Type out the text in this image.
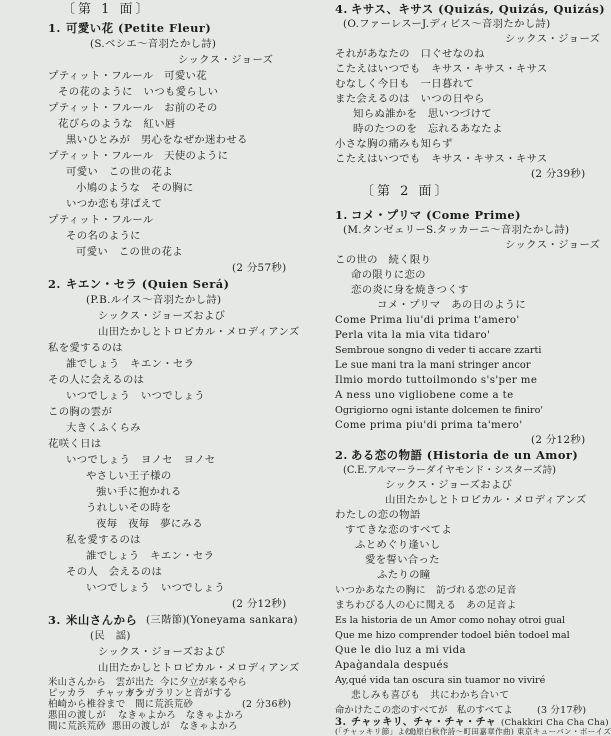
〔第 1 面〕
1. 可愛い花 (Petite Fleur)
(S.ベシエ〜音羽たかし詩)
シックス・ジョーズ
プティット・フルール　可愛い花
その花のように　いつも愛らしい
プティット・フルール　お前のその
花びらのような　紅い唇
黒いひとみが　男心をなぜか迷わせる
プティット・フルール　天使のように
可愛い　この世の花よ
小鳩のような　その胸に
いつか恋も芽ばえて
プティット・フルール
その名のように
可愛い　この世の花よ
(2 分57秒)
2. キエン・セラ (Quien Será)
(P.B.ルイス〜音羽たかし詩)
シックス・ジョーズおよび
山田たかしとトロピカル・メロディアンズ
私を愛するのは
誰でしょう　キエン・セラ
その人に会えるのは
いつでしょう　いつでしょう
この胸の雲が
大きくふくらみ
花咲く日は
いつでしょう　ヨノセ　ヨノセ
やさしい王子様の
強い手に抱かれる
うれしいその時を
夜毎　夜毎　夢にみる
私を愛するのは
誰でしょう　キエン・セラ
その人　会えるのは
いつでしょう　いつでしょう
(2 分12秒)
3. 米山さんから (三階節) (Yoneyama sankara)
(民　謡)
シックス・ジョーズおよび
山田たかしとトロピカル・メロディアンズ
米山さんから　雲が出た 今に夕立が来るやら
ピッカラ　チャッカラ
ドンガラリンと音がする
柏崎から椎谷まで　間に荒浜荒砂
悪田の渡しが なきゃよかろ　なきゃよかろ
間に荒浜荒砂 悪田の渡しが　なきゃよかろ
(2 分36秒)
4. キサス、キサス (Quizás, Quizás, Quizás)
(O.ファーレスーJ.ディビス〜音羽たかし詩)
シックス・ジョーズ
それがあなたの　口ぐせなのね
こたえはいつでも　キサス・キサス・キサス
むなしく今日も　一日暮れて
また会えるのは　いつの日やら
知らぬ誰かを　思いつづけて
時のたつのを　忘れるあなたよ
小さな胸の痛みも知らず
こたえはいつでも　キサス・キサス・キサス
(2 分39秒)
〔第 2 面〕
1. コメ・プリマ (Come Prime)
(M.タンゼェリーS.タッカーニ〜音羽たかし詩)
シックス・ジョーズ
この世の　続く限り
命の限りに恋の
恋の炎に身を焼きつくす
コメ・プリマ　あの日のように
Come Prima liu'di prima t'amero'
Perla vita la mia vita tidaro'
Sembroue songno di veder ti accare zzarti
Le sue mani tra la mani stringer ancor
Ilmio mordo tuttoilmondo s's'per me
A ness uno vigliobene come a te
Ogrigiorno ogni istante dolcemen te finiro'
Come prima piu'di prima ta'mero'
(2 分12秒)
2. ある恋の物語 (Historia de un Amor)
(C.E.アルマーラーダイヤモンド・シスターズ詩)
シックス・ジョーズおよび
山田たかしとトロピカル・メロディアンズ
わたしの恋の物語
すてきな恋のすべてよ
ふとめぐり逢いし
愛を誓い合った
ふたりの瞳
いつかあなたの胸に　訪づれる恋の足音
まちわびる人の心に聞える　あの足音よ
Es la historia de un Amor como nohay otroi gual
Que me hizo comprender todoel biên todoel mal
Que le dio luz a mi vida
Apag̀andala después
Ay,qué vida tan oscura sin tuamor no viviré
悲しみも喜びも　共にわかち合いて
命かけたこの恋のすべてが　私のすべてよ	(3 分17秒)
3. チャッキリ、チャ・チャ・チャ (Chakkiri Cha Cha Cha)
(「チャッキリ節」より)
(北原白秋作詩〜町田嘉章作曲) 東京キューバン・ボーイズ
